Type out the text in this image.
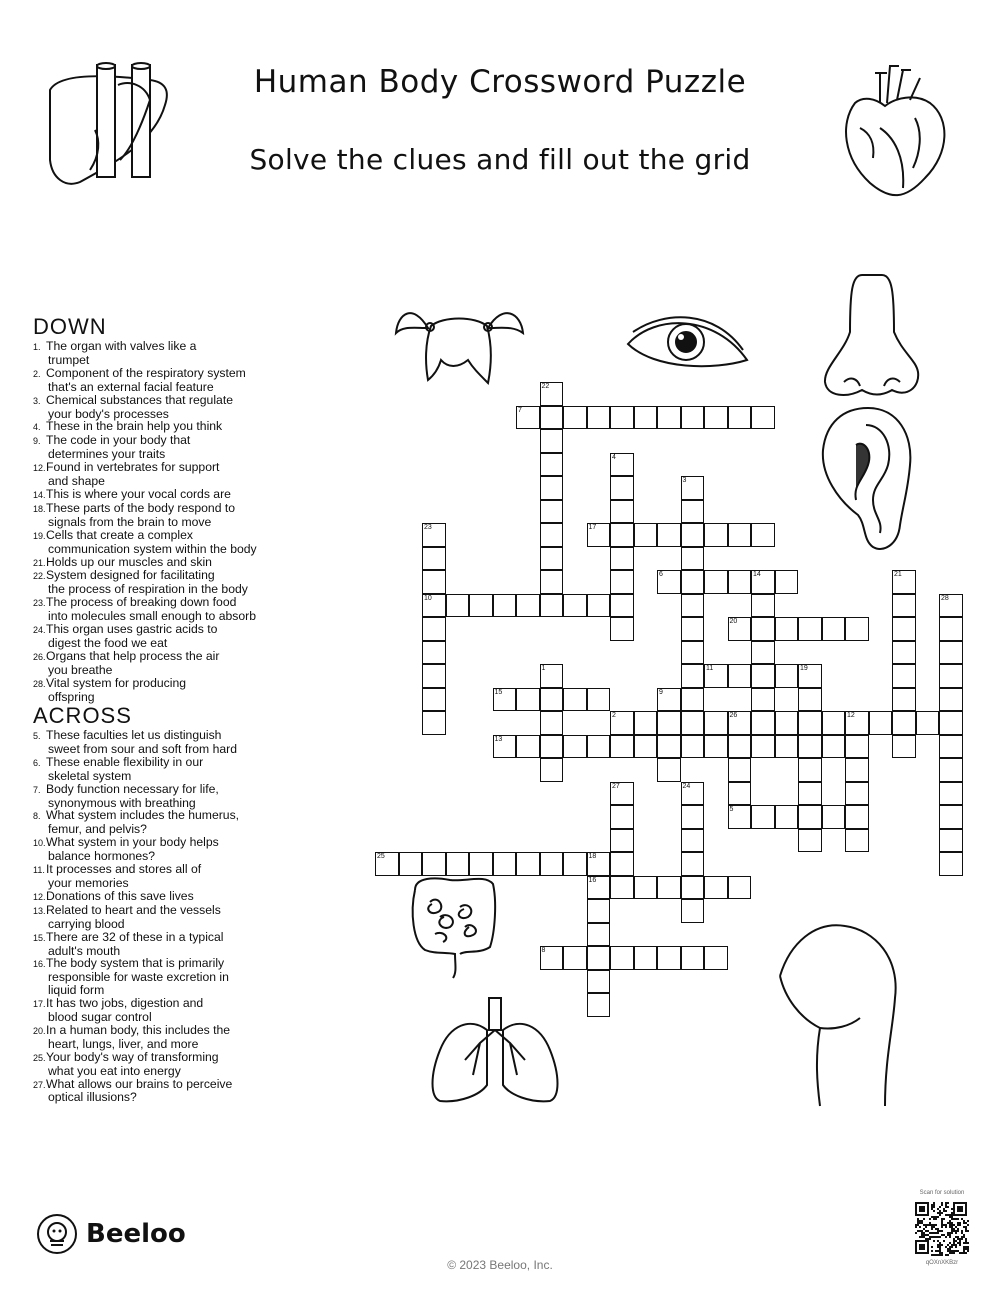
Human Body Crossword Puzzle
Solve the clues and fill out the grid
DOWN
1. The organ with valves like a
trumpet
2. Component of the respiratory system
that's an external facial feature
3. Chemical substances that regulate
your body's processes
4. These in the brain help you think
9. The code in your body that
determines your traits
12.Found in vertebrates for support
and shape
14.This is where your vocal cords are
18.These parts of the body respond to
signals from the brain to move
19.Cells that create a complex
communication system within the body
21.Holds up our muscles and skin
22.System designed for facilitating
the process of respiration in the body
23.The process of breaking down food
into molecules small enough to absorb
24.This organ uses gastric acids to
digest the food we eat
26.Organs that help process the air
you breathe
28.Vital system for producing
offspring
ACROSS
5. These faculties let us distinguish
sweet from sour and soft from hard
6. These enable flexibility in our
skeletal system
7. Body function necessary for life,
synonymous with breathing
8. What system includes the humerus,
femur, and pelvis?
10.What system in your body helps
balance hormones?
11.It processes and stores all of
your memories
12.Donations of this save lives
13.Related to heart and the vessels
carrying blood
15.There are 32 of these in a typical
adult's mouth
16.The body system that is primarily
responsible for waste excretion in
liquid form
17.It has two jobs, digestion and
blood sugar control
20.In a human body, this includes the
heart, lungs, liver, and more
25.Your body's way of transforming
what you eat into energy
27.What allows our brains to perceive
optical illusions?
22
7
4
3
17
23
10
6	14	21
28
20
1	11	19
15	9
2	26	12
5
13
27	24
25	18
16
8
Beeloo
© 2023 Beeloo, Inc.
Scan for solution
qOXnXKBzr
